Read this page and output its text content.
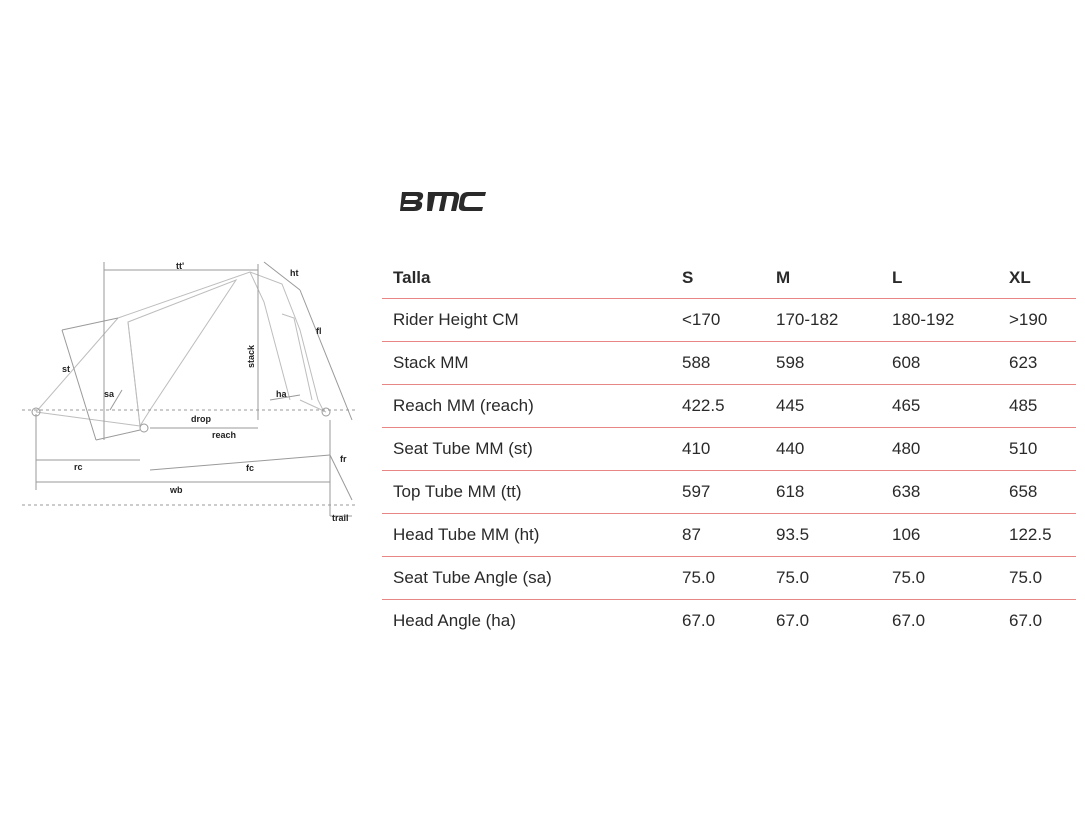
tt'
ht
fl
st
sa
stack
ha
drop
reach
rc	fc
fr
wb
trail
Talla	S	M	L	XL
Rider Height CM	<170	170-182	180-192	>190
Stack MM	588	598	608	623
Reach MM (reach)	422.5	445	465	485
Seat Tube MM (st)	410	440	480	510
Top Tube MM (tt)	597	618	638	658
Head Tube MM (ht)	87	93.5	106	122.5
Seat Tube Angle (sa)	75.0	75.0	75.0	75.0
Head Angle (ha)	67.0	67.0	67.0	67.0
